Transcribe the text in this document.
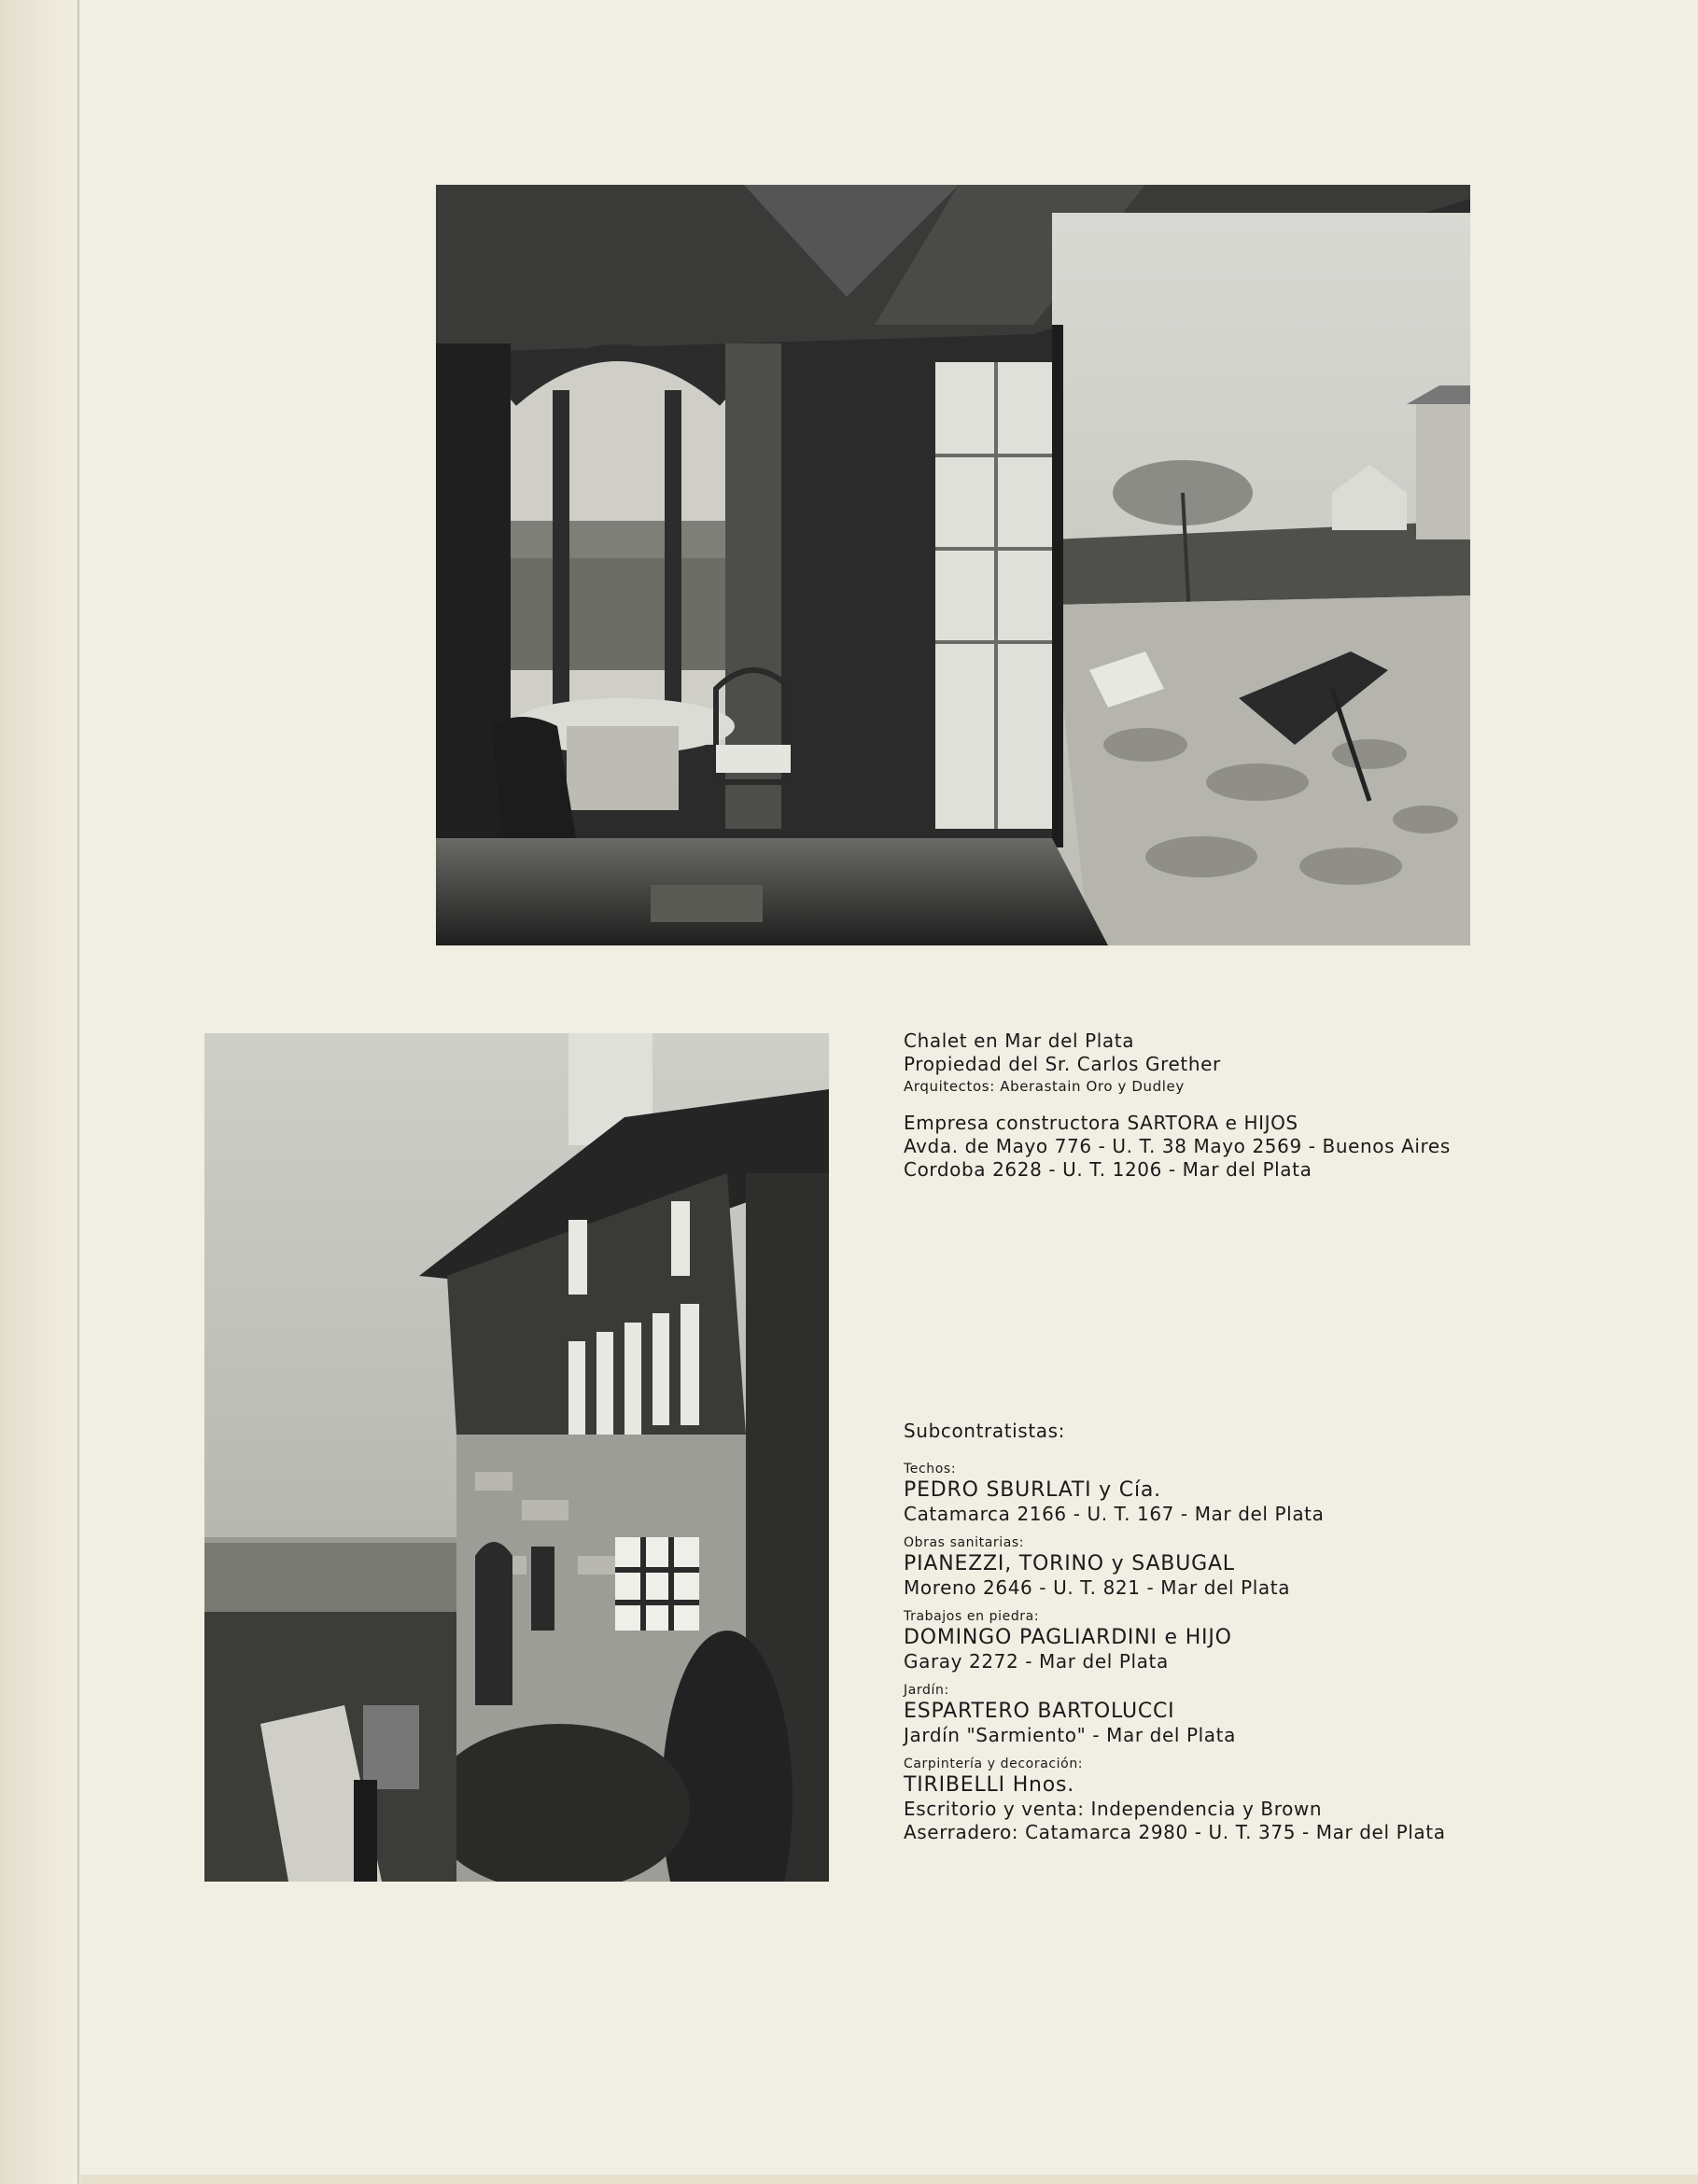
Chalet en Mar del Plata
Propiedad del Sr. Carlos Grether
Arquitectos: Aberastain Oro y Dudley
Empresa constructora SARTORA e HIJOS
Avda. de Mayo 776 - U. T. 38 Mayo 2569 - Buenos Aires
Cordoba 2628 - U. T. 1206 - Mar del Plata
Subcontratistas:
Techos:
PEDRO SBURLATI y Cía.
Catamarca 2166 - U. T. 167 - Mar del Plata
Obras sanitarias:
PIANEZZI, TORINO y SABUGAL
Moreno 2646 - U. T. 821 - Mar del Plata
Trabajos en piedra:
DOMINGO PAGLIARDINI e HIJO
Garay 2272 - Mar del Plata
Jardín:
ESPARTERO BARTOLUCCI
Jardín "Sarmiento" - Mar del Plata
Carpintería y decoración:
TIRIBELLI Hnos.
Escritorio y venta: Independencia y Brown
Aserradero: Catamarca 2980 - U. T. 375 - Mar del Plata
